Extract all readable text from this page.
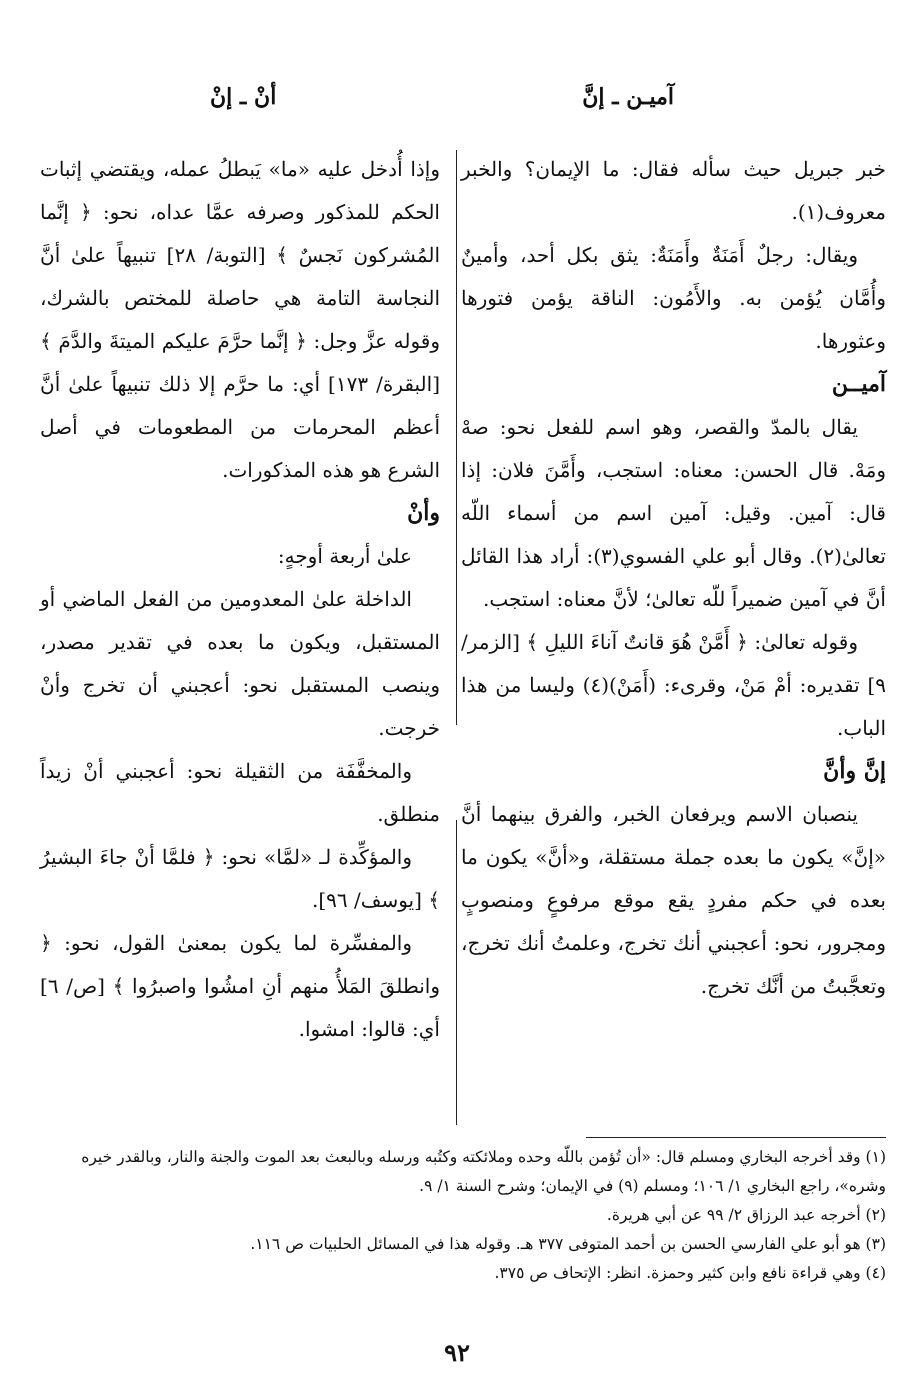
آميـن ـ إنَّ
أنْ ـ إنْ

خبر جبريل حيث سأله فقال: ما الإيمان؟ والخبر معروف(١).

ويقال: رجلٌ أَمَنَةٌ وأَمَنَةٌ: يثق بكل أحد، وأمينٌ وأُمَّان يُؤمن به. والأَمُون: الناقة يؤمن فتورها وعثورها.

آميــن

يقال بالمدّ والقصر، وهو اسم للفعل نحو: صهْ ومَهْ. قال الحسن: معناه: استجب، وأَمَّنَ فلان: إذا قال: آمين. وقيل: آمين اسم من أسماء اللّه تعالىٰ(٢). وقال أبو علي الفسوي(٣): أراد هذا القائل أنَّ في آمين ضميراً للّه تعالىٰ؛ لأنَّ معناه: استجب.

وقوله تعالىٰ: ﴿ أَمَّنْ هُوَ قانتٌ آناءَ الليلِ ﴾ [الزمر/ ٩] تقديره: أمْ مَنْ، وقرىء: (أَمَنْ)(٤) وليسا من هذا الباب.

إنَّ وأنَّ

ينصبان الاسم ويرفعان الخبر، والفرق بينهما أنَّ «إنَّ» يكون ما بعده جملة مستقلة، و«أنَّ» يكون ما بعده في حكم مفردٍ يقع موقع مرفوعٍ ومنصوبٍ ومجرور، نحو: أعجبني أنك تخرج، وعلمتُ أنك تخرج، وتعجَّبتُ من أنَّك تخرج.

وإذا أُدخل عليه «ما» يَبطلُ عمله، ويقتضي إثبات الحكم للمذكور وصرفه عمَّا عداه، نحو: ﴿ إنَّما المُشركون نَجسٌ ﴾ [التوبة/ ٢٨] تنبيهاً علىٰ أنَّ النجاسة التامة هي حاصلة للمختص بالشرك، وقوله عزَّ وجل: ﴿ إنَّما حرَّمَ عليكم الميتةَ والدَّمَ ﴾ [البقرة/ ١٧٣] أي: ما حرَّم إلا ذلك تنبيهاً علىٰ أنَّ أعظم المحرمات من المطعومات في أصل الشرع هو هذه المذكورات.

وأنْ

علىٰ أربعة أوجهٍ:

الداخلة علىٰ المعدومين من الفعل الماضي أو المستقبل، ويكون ما بعده في تقدير مصدر، وينصب المستقبل نحو: أعجبني أن تخرج وأنْ خرجت.

والمخفَّفَة من الثقيلة نحو: أعجبني أنْ زيداً منطلق.

والمؤكِّدة لـ «لمَّا» نحو: ﴿ فلمَّا أنْ جاءَ البشيرُ ﴾ [يوسف/ ٩٦].

والمفسِّرة لما يكون بمعنىٰ القول، نحو: ﴿ وانطلقَ المَلأُ منهم أنِ امشُوا واصبرُوا ﴾ [ص/ ٦] أي: قالوا: امشوا.

(١) وقد أخرجه البخاري ومسلم قال: «أن تُؤمن باللّه وحده وملائكته وكتُبه ورسله وبالبعث بعد الموت والجنة والنار، وبالقدر خيره وشره»، راجع البخاري ١/ ١٠٦؛ ومسلم (٩) في الإيمان؛ وشرح السنة ١/ ٩.
(٢) أخرجه عبد الرزاق ٢/ ٩٩ عن أبي هريرة.
(٣) هو أبو علي الفارسي الحسن بن أحمد المتوفى ٣٧٧ هـ. وقوله هذا في المسائل الحلبيات ص ١١٦.
(٤) وهي قراءة نافع وابن كثير وحمزة. انظر: الإتحاف ص ٣٧٥.
٩٢
